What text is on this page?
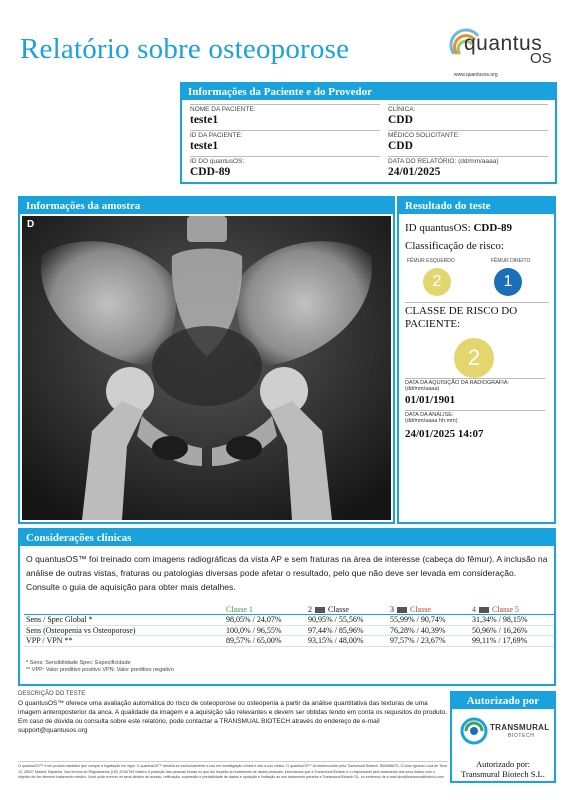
Relatório sobre osteoporose	quantus
OS
www.quantusos.org
Informações da Paciente e do Provedor
NOME DA PACIENTE:
teste1
CLÍNICA:
CDD
ID DA PACIENTE:
teste1
MÉDICO SOLICITANTE:
CDD
ID DO quantusOS:
CDD-89
DATA DO RELATÓRIO: (dd/mm/aaaa)
24/01/2025
Informações da amostra
D
Resultado do teste
ID quantusOS: CDD-89
Classificação de risco:
FÊMUR ESQUERDO	FÊMUR DIREITO
2	1
CLASSE DE RISCO DO PACIENTE:
2
DATA DA AQUISIÇÃO DA RADIOGRAFIA:
(dd/mm/aaaa)
01/01/1901
DATA DA ANÁLISE:
(dd/mm/aaaa hh:mm)
24/01/2025 14:07
Considerações clínicas
O quantusOS™ foi treinado com imagens radiográficas da vista AP e sem fraturas na área de interesse (cabeça do fêmur). A inclusão na análise de outras vistas, fraturas ou patologias diversas pode afetar o resultado, pelo que não deve ser levada em consideração. Consulte o guia de aquisição para obter mais detalhes.
	Classe 1	2 Classe	3 Classe	4 Classe 5
Sens / Spec Global *	98,05% / 24,07%	90,95% / 55,56%	55,99% / 90,74%	31,34% / 98,15%
Sens (Osteopenia vs Osteoporose)	100,0% / 96,55%	97,44% / 85,96%	76,28% / 40,39%	50,96% / 16,26%
VPP / VPN **	89,57% / 65,00%	93,15% / 48,00%	97,57% / 23,67%	99,11% / 17,69%
* Sens: Sensibilidade Spec: Especificidade
** VPP: Valor preditivo positivo VPN: Valor preditivo negativo
DESCRIÇÃO DO TESTE
O quantusOS™ oferece uma avaliação automática do risco de osteoporose ou osteopenia a partir da análise quantitativa das texturas de uma imagem anteroposterior da anca. A qualidade da imagem e a aquisição são relevantes e devem ser obtidas tendo em conta os requisitos do produto. Em caso de dúvida ou consulta sobre este relatório, pode contactar a TRANSMUAL BIOTECH através do endereço de e-mail support@quantusos.org
Autorizado por
TRANSMURAL
BIOTECH
Autorizado por:
Transmural Biotech S.L.
O quantusOS™ é um produto sanitário que cumpre a legislação em vigor. O quantusOS™ destina-se exclusivamente a uso em investigação clínica e não a uso clínico. O quantusOS™ foi desenvolvido pela Transmural Biotech, B65986675, C/Joan Ignacio Luca de Tena 13, 28027 Madrid, Espanha. Nos termos do Regulamento (UE) 2016/769 relativo à proteção das pessoas físicas no que diz respeito ao tratamento de dados pessoais, informamos que a Transmural Biotech é o responsável pelo tratamento dos seus dados com o objetivo de lhe oferecer tratamento médico. Você pode exercer os seus direitos de acesso, retificação, supressão e portabilidade de dados e oposição e limitação ao seu tratamento perante a Transmural Biotech SL, no endereço de e-mail dpo@transmuralbiotech.com
